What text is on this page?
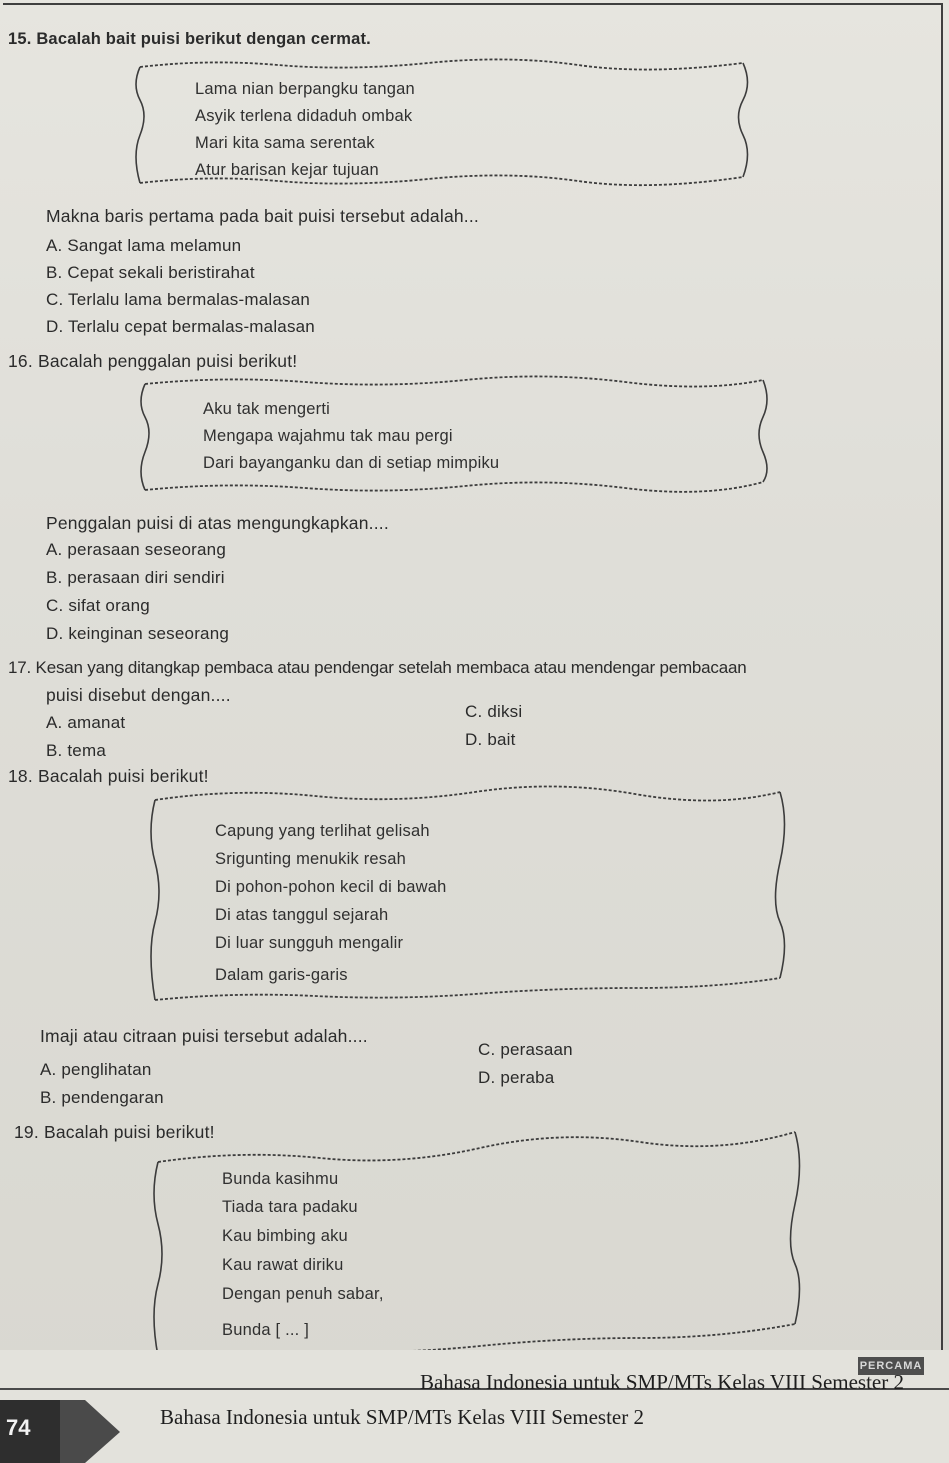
15. Bacalah bait puisi berikut dengan cermat.
Lama nian berpangku tangan
Asyik terlena didaduh ombak
Mari kita sama serentak
Atur barisan kejar tujuan
Makna baris pertama pada bait puisi tersebut adalah...
A. Sangat lama melamun
B. Cepat sekali beristirahat
C. Terlalu lama bermalas-malasan
D. Terlalu cepat bermalas-malasan
16. Bacalah penggalan puisi berikut!
Aku tak mengerti
Mengapa wajahmu tak mau pergi
Dari bayanganku dan di setiap mimpiku
Penggalan puisi di atas mengungkapkan....
A. perasaan seseorang
B. perasaan diri sendiri
C. sifat orang
D. keinginan seseorang
17. Kesan yang ditangkap pembaca atau pendengar setelah membaca atau mendengar pembacaan
puisi disebut dengan....
A. amanat
B. tema
C. diksi
D. bait
18. Bacalah puisi berikut!
Capung yang terlihat gelisah
Srigunting menukik resah
Di pohon-pohon kecil di bawah
Di atas tanggul sejarah
Di luar sungguh mengalir
Dalam garis-garis
Imaji atau citraan puisi tersebut adalah....
A. penglihatan
B. pendengaran
C. perasaan
D. peraba
19. Bacalah puisi berikut!
Bunda kasihmu
Tiada tara padaku
Kau bimbing aku
Kau rawat diriku
Dengan penuh sabar,
Bunda [ ... ]
PERCAMA
Bahasa Indonesia untuk SMP/MTs Kelas VIII Semester 2
74	Bahasa Indonesia untuk SMP/MTs Kelas VIII Semester 2
